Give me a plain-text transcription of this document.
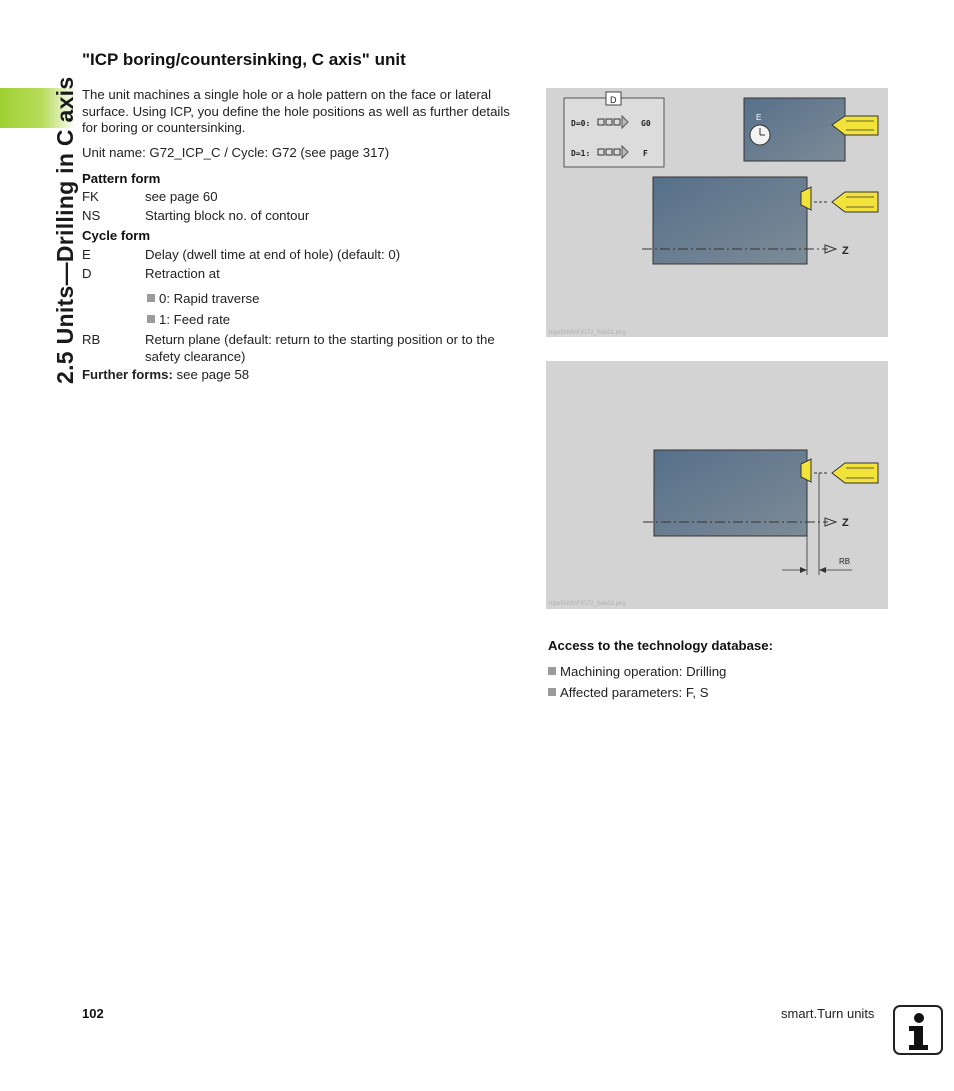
2.5 Units—Drilling in C axis
"ICP boring/countersinking, C axis" unit

The unit machines a single hole or a hole pattern on the face or lateral surface. Using ICP, you define the hole positions as well as further details for boring or countersinking.

Unit name: G72_ICP_C / Cycle: G72 (see page 317)

Pattern form
FK	see page 60
NS	Starting block no. of contour
Cycle form
E	Delay (dwell time at end of hole) (default: 0)
D	Retraction at
0: Rapid traverse
1: Feed rate
RB	Return plane (default: return to the starting position or to the safety clearance)
Further forms: see page 58
D
D=0:	G0
D=1:	F
E
Z
hlpe5NVlnF/G72_Sde01.png
Z
RB
hlpe5NVlnF/G72_Sde02.png
Access to the technology database:
Machining operation: Drilling
Affected parameters: F, S
102	smart.Turn units
